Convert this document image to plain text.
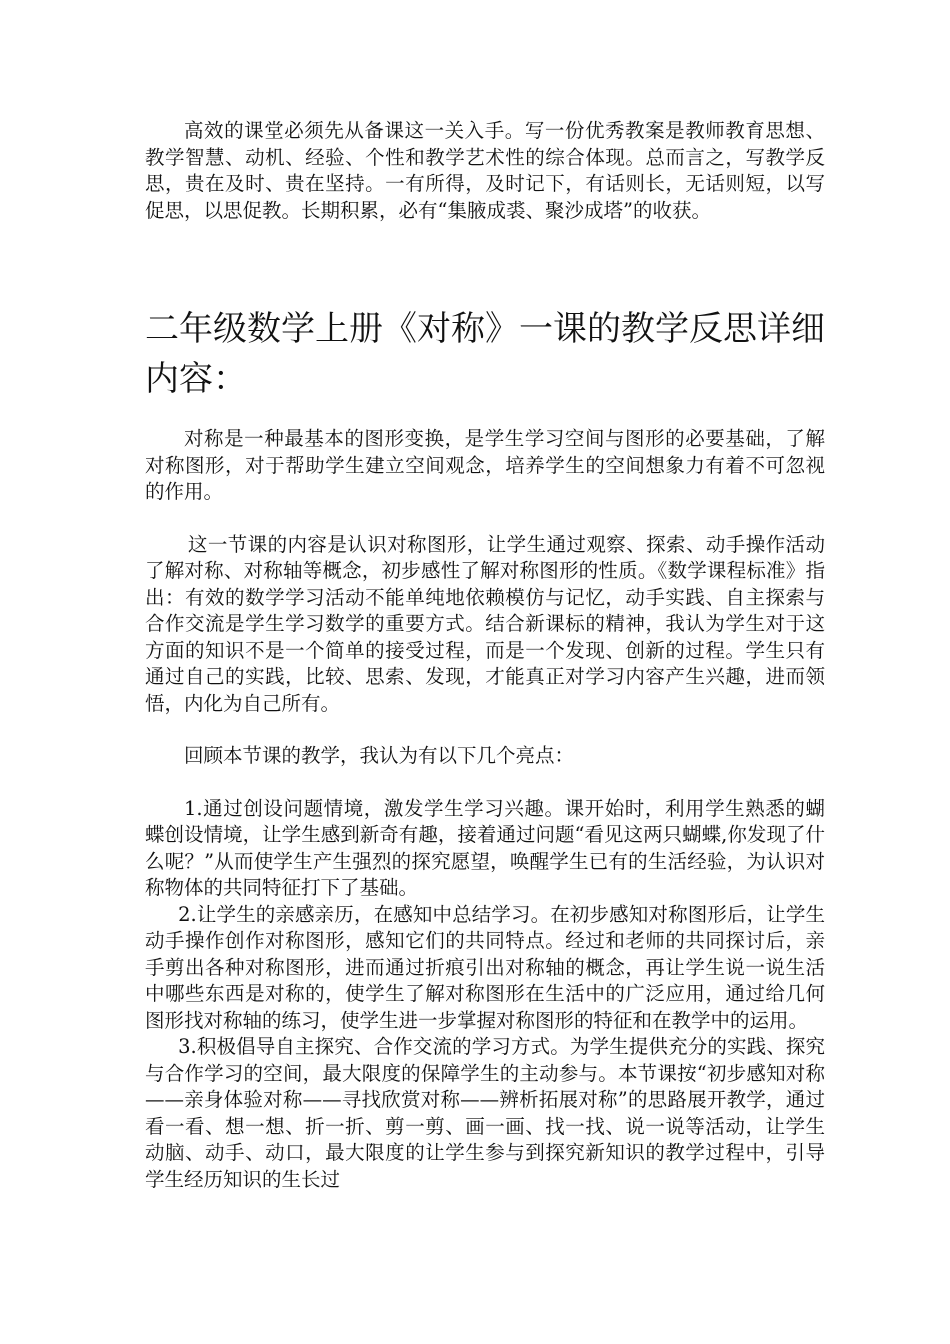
高效的课堂必须先从备课这一关入手。写一份优秀教案是教师教育思想、教学智慧、动机、经验、个性和教学艺术性的综合体现。总而言之，写教学反思，贵在及时、贵在坚持。一有所得，及时记下，有话则长，无话则短，以写促思，以思促教。长期积累，必有“集腋成裘、聚沙成塔”的收获。

二年级数学上册《对称》一课的教学反思详细内容：

对称是一种最基本的图形变换，是学生学习空间与图形的必要基础，了解对称图形，对于帮助学生建立空间观念，培养学生的空间想象力有着不可忽视的作用。

这一节课的内容是认识对称图形，让学生通过观察、探索、动手操作活动了解对称、对称轴等概念，初步感性了解对称图形的性质。《数学课程标准》指出：有效的数学学习活动不能单纯地依赖模仿与记忆，动手实践、自主探索与合作交流是学生学习数学的重要方式。结合新课标的精神，我认为学生对于这方面的知识不是一个简单的接受过程，而是一个发现、创新的过程。学生只有通过自己的实践，比较、思索、发现，才能真正对学习内容产生兴趣，进而领悟，内化为自己所有。

回顾本节课的教学，我认为有以下几个亮点：

1.通过创设问题情境，激发学生学习兴趣。课开始时，利用学生熟悉的蝴蝶创设情境，让学生感到新奇有趣，接着通过问题“看见这两只蝴蝶,你发现了什么呢？”从而使学生产生强烈的探究愿望，唤醒学生已有的生活经验，为认识对称物体的共同特征打下了基础。

2.让学生的亲感亲历，在感知中总结学习。在初步感知对称图形后，让学生动手操作创作对称图形，感知它们的共同特点。经过和老师的共同探讨后，亲手剪出各种对称图形，进而通过折痕引出对称轴的概念，再让学生说一说生活中哪些东西是对称的，使学生了解对称图形在生活中的广泛应用，通过给几何图形找对称轴的练习，使学生进一步掌握对称图形的特征和在教学中的运用。

3.积极倡导自主探究、合作交流的学习方式。为学生提供充分的实践、探究与合作学习的空间，最大限度的保障学生的主动参与。本节课按“初步感知对称——亲身体验对称——寻找欣赏对称——辨析拓展对称”的思路展开教学，通过看一看、想一想、折一折、剪一剪、画一画、找一找、说一说等活动，让学生动脑、动手、动口，最大限度的让学生参与到探究新知识的教学过程中，引导学生经历知识的生长过
